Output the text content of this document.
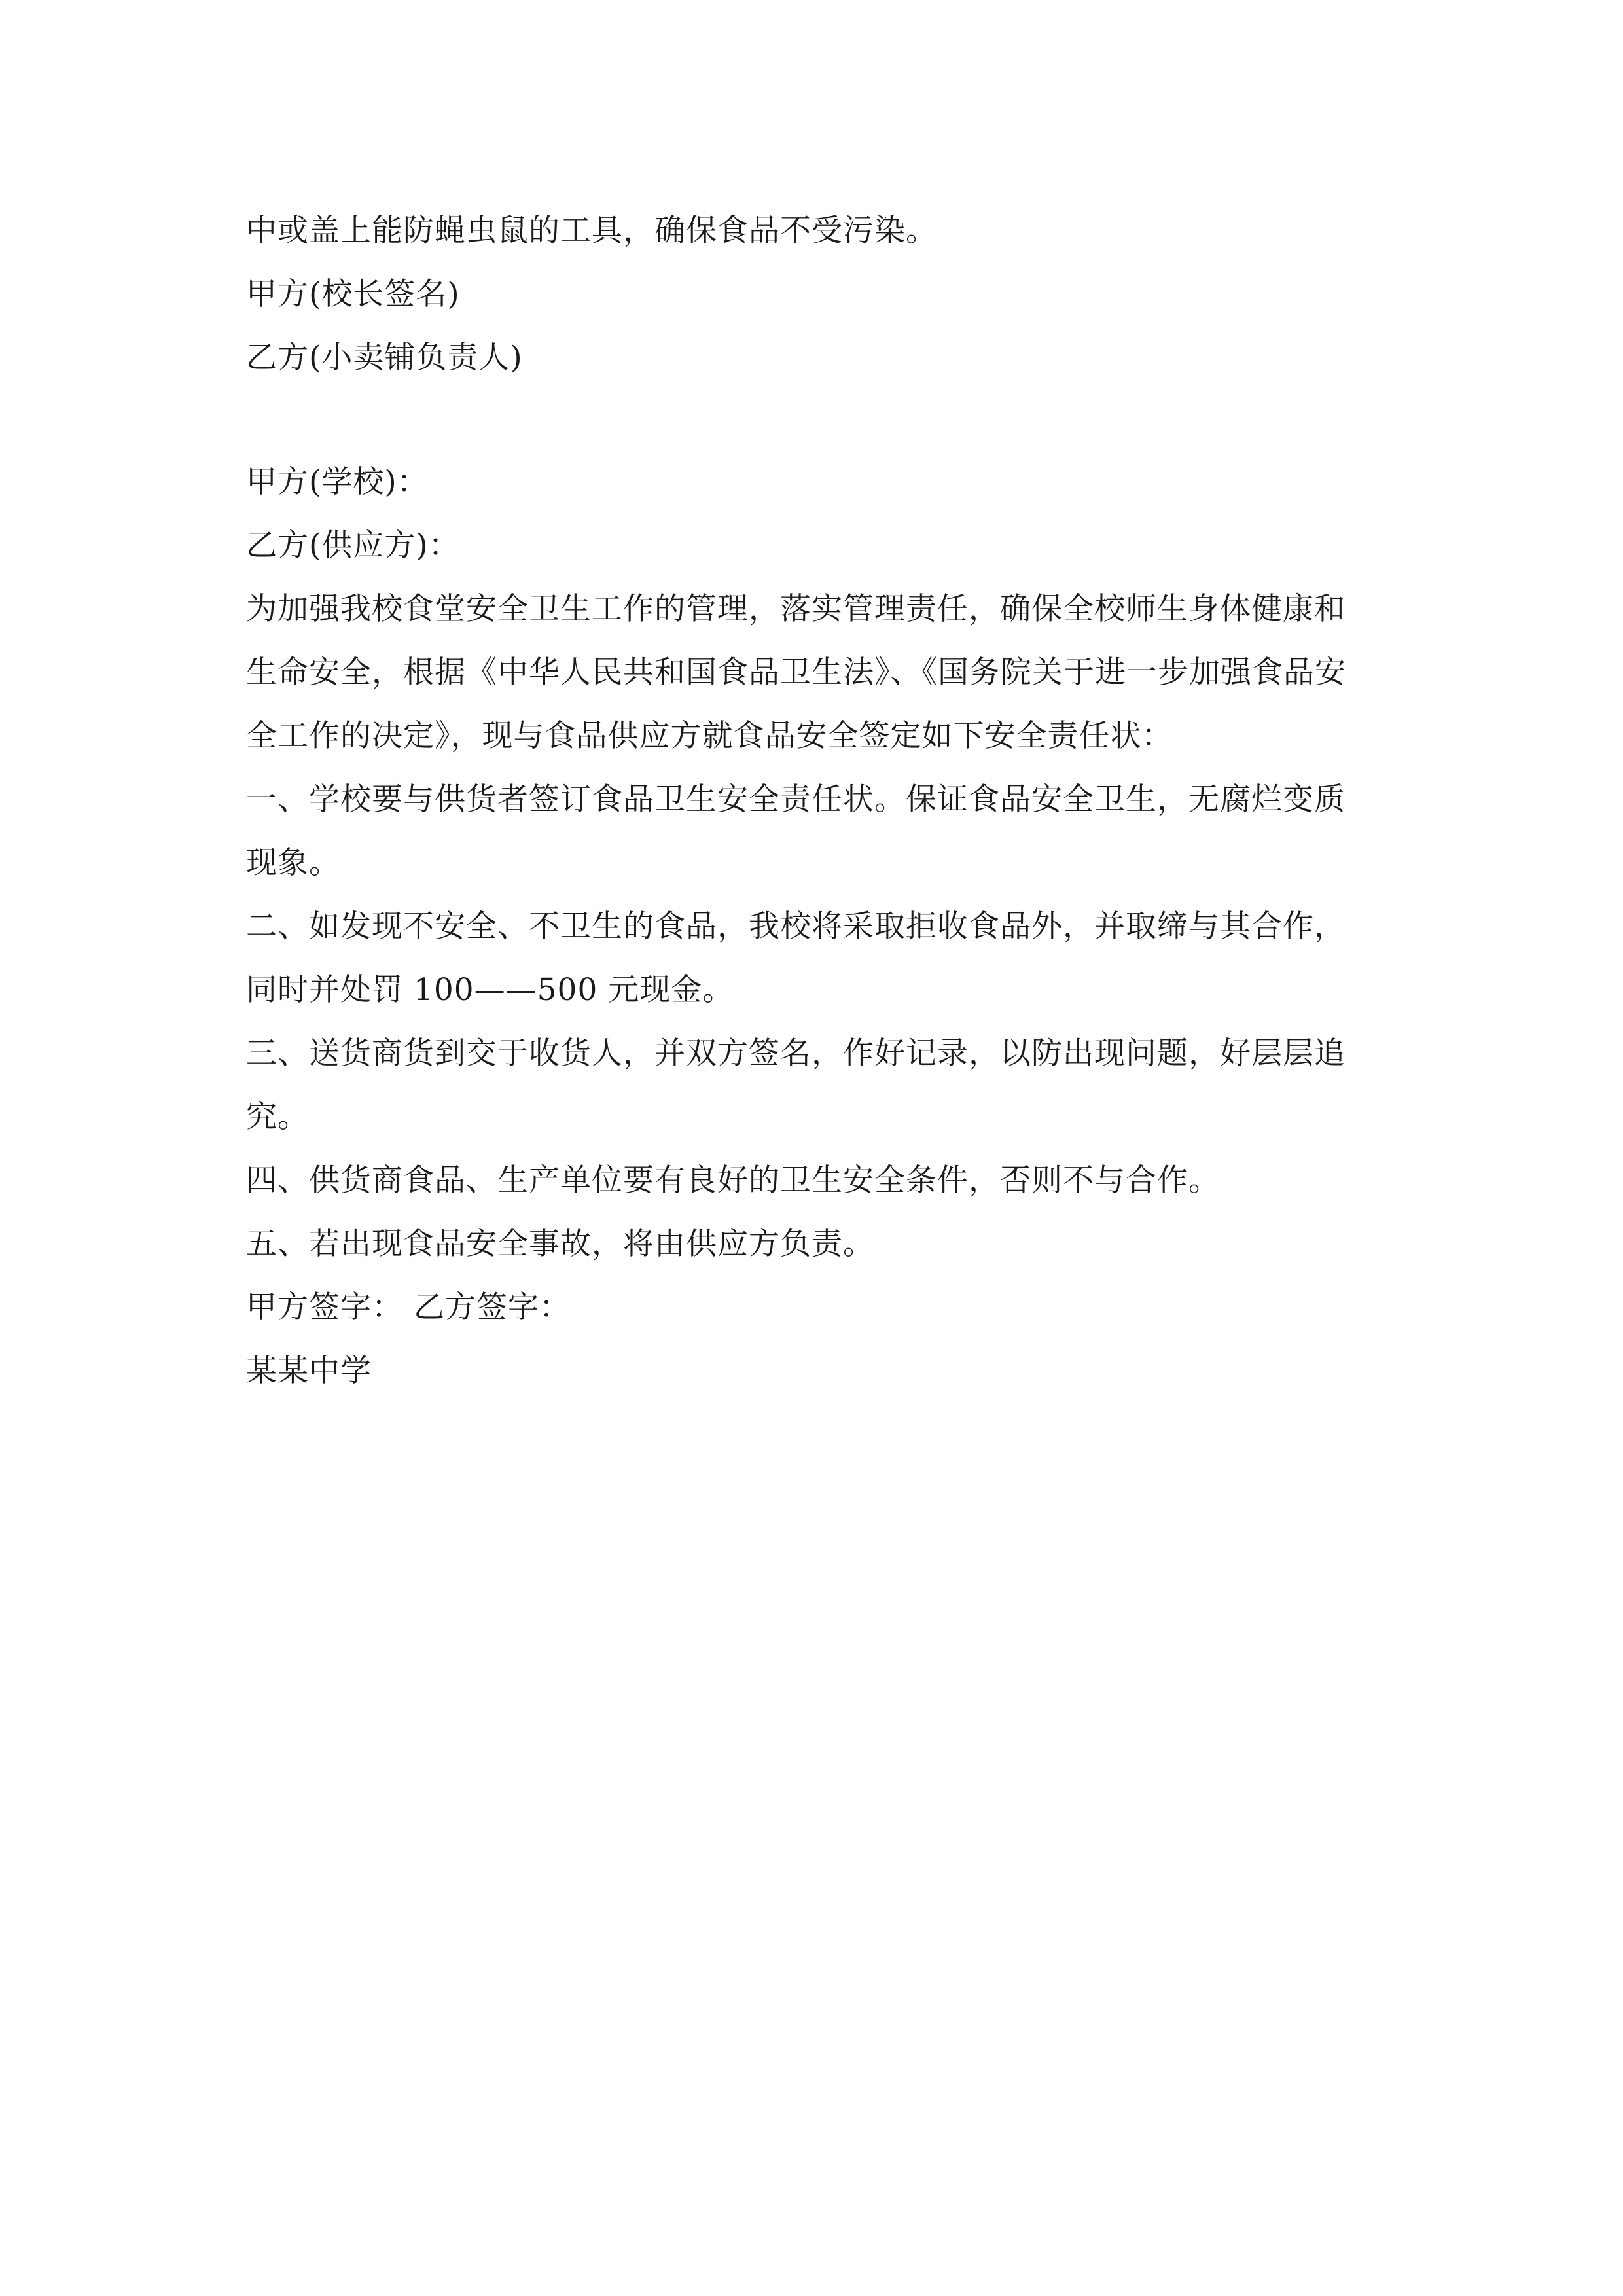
中或盖上能防蝇虫鼠的工具，确保食品不受污染。
甲方(校长签名)
乙方(小卖铺负责人)
甲方(学校)：
乙方(供应方)：
为加强我校食堂安全卫生工作的管理，落实管理责任，确保全校师生身体健康和
生命安全，根据《中华人民共和国食品卫生法》、《国务院关于进一步加强食品安
全工作的决定》，现与食品供应方就食品安全签定如下安全责任状：
一、学校要与供货者签订食品卫生安全责任状。保证食品安全卫生，无腐烂变质
现象。
二、如发现不安全、不卫生的食品，我校将采取拒收食品外，并取缔与其合作，
同时并处罚 100——500 元现金。
三、送货商货到交于收货人，并双方签名，作好记录，以防出现问题，好层层追
究。
四、供货商食品、生产单位要有良好的卫生安全条件，否则不与合作。
五、若出现食品安全事故，将由供应方负责。
甲方签字： 乙方签字：
某某中学
